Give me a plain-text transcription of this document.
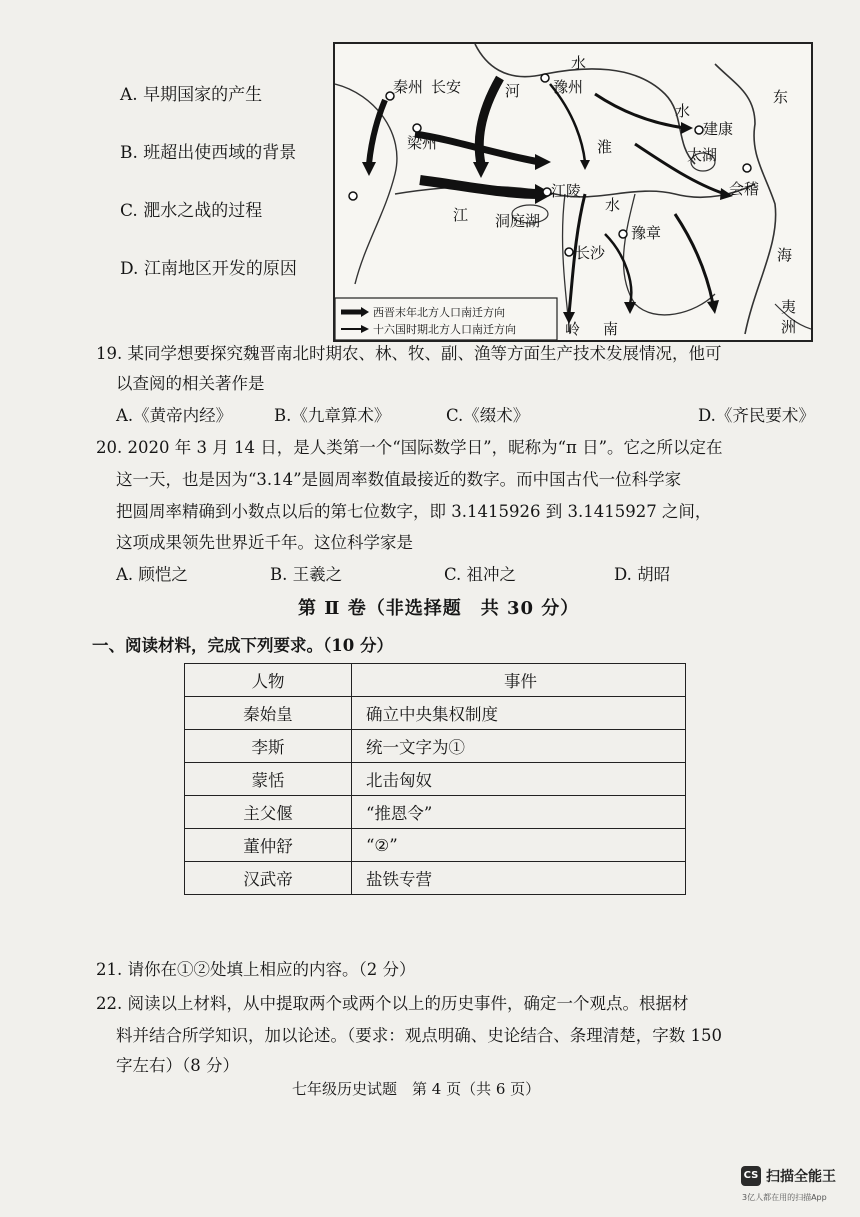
A. 早期国家的产生
B. 班超出使西域的背景
C. 淝水之战的过程
D. 江南地区开发的原因
秦州 长安	河
水
豫州
东
水
建康
梁州	淮	太湖
会稽
江
江陵
水
洞庭湖
豫章
长沙	海
岭 南
夷
洲
西晋末年北方人口南迁方向
十六国时期北方人口南迁方向
19. 某同学想要探究魏晋南北时期农、林、牧、副、渔等方面生产技术发展情况，他可
以查阅的相关著作是
A.《黄帝内经》	B.《九章算术》	C.《缀术》	D.《齐民要术》
20. 2020 年 3 月 14 日，是人类第一个“国际数学日”，昵称为“π 日”。它之所以定在
这一天，也是因为“3.14”是圆周率数值最接近的数字。而中国古代一位科学家
把圆周率精确到小数点以后的第七位数字，即 3.1415926 到 3.1415927 之间，
这项成果领先世界近千年。这位科学家是
A. 顾恺之	B. 王羲之	C. 祖冲之	D. 胡昭
第 Ⅱ 卷（非选择题　共 30 分）
一、阅读材料，完成下列要求。（10 分）
人物	事件
秦始皇	确立中央集权制度
李斯	统一文字为①
蒙恬	北击匈奴
主父偃	“推恩令”
董仲舒	“②”
汉武帝	盐铁专营
21. 请你在①②处填上相应的内容。（2 分）
22. 阅读以上材料，从中提取两个或两个以上的历史事件，确定一个观点。根据材
料并结合所学知识，加以论述。（要求：观点明确、史论结合、条理清楚，字数 150
字左右）（8 分）
七年级历史试题　第 4 页（共 6 页）
CS 扫描全能王
3亿人都在用的扫描App
